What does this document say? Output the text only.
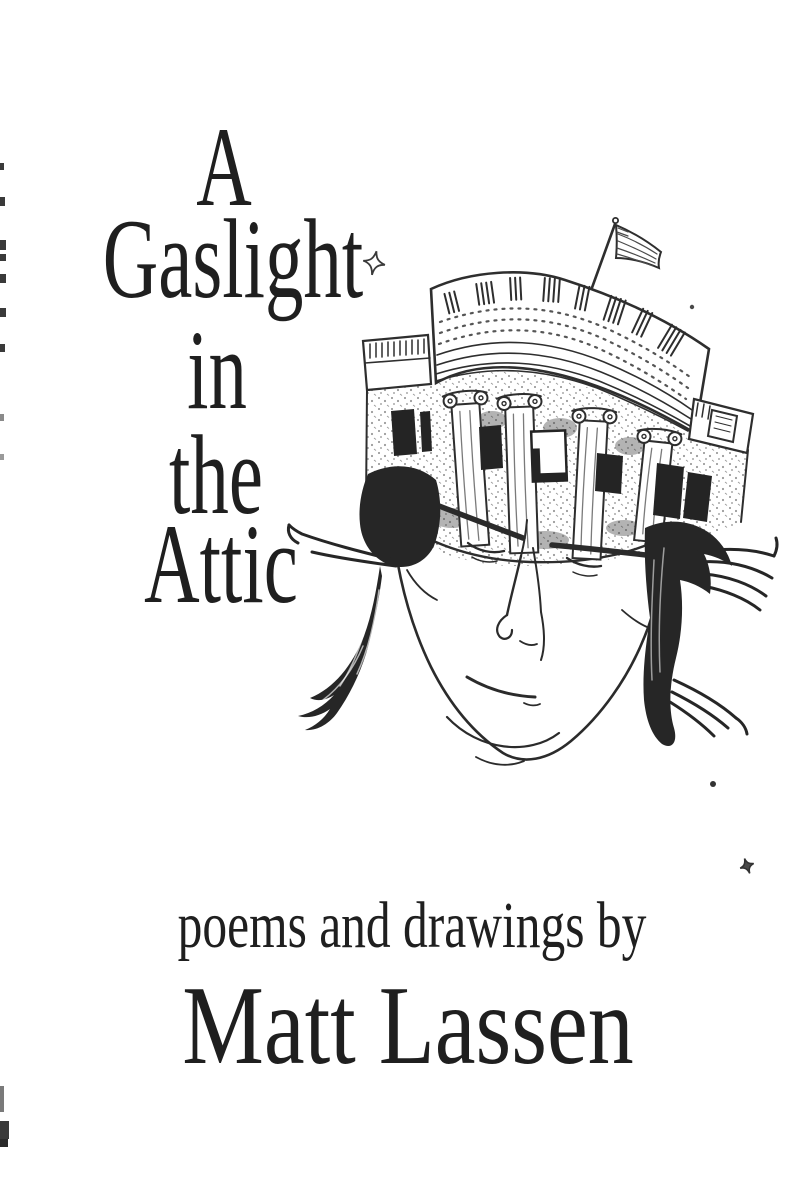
A
Gaslight
in
the
Attic
poems and drawings by
Matt Lassen
